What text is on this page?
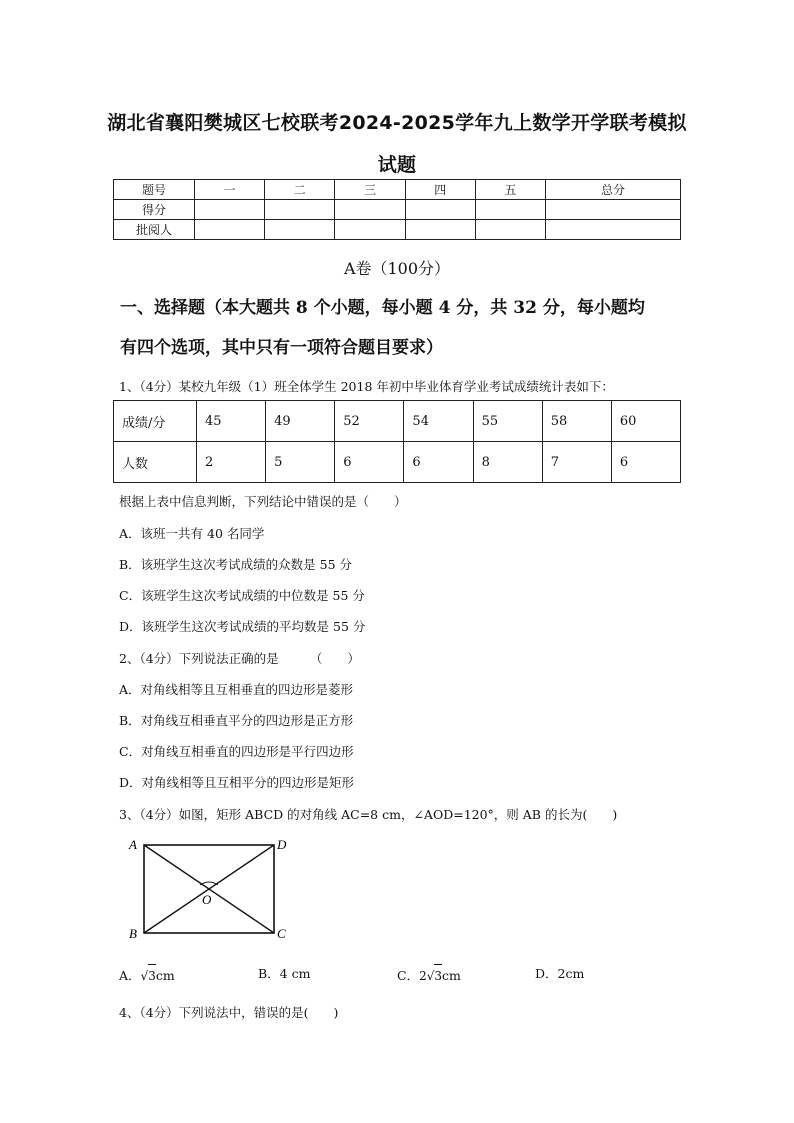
湖北省襄阳樊城区七校联考2024-2025学年九上数学开学联考模拟
试题
题号	一	二	三	四	五	总分
得分						
批阅人						
A卷（100分）
一、选择题（本大题共 8 个小题，每小题 4 分，共 32 分，每小题均
有四个选项，其中只有一项符合题目要求）
1、（4分）某校九年级（1）班全体学生 2018 年初中毕业体育学业考试成绩统计表如下：
成绩/分	45	49	52	54	55	58	60
人数	2	5	6	6	8	7	6
根据上表中信息判断，下列结论中错误的是（　　）
A．该班一共有 40 名同学
B．该班学生这次考试成绩的众数是 55 分
C．该班学生这次考试成绩的中位数是 55 分
D．该班学生这次考试成绩的平均数是 55 分
2、（4分）下列说法正确的是　　　（　　）
A．对角线相等且互相垂直的四边形是菱形
B．对角线互相垂直平分的四边形是正方形
C．对角线互相垂直的四边形是平行四边形
D．对角线相等且互相平分的四边形是矩形
3、（4分）如图，矩形 ABCD 的对角线 AC=8 cm，∠AOD=120°，则 AB 的长为(　　)
A	D
B	C
O
A．√3cm	B．4 cm	C．2√3cm	D．2cm
4、（4分）下列说法中，错误的是(　　)
